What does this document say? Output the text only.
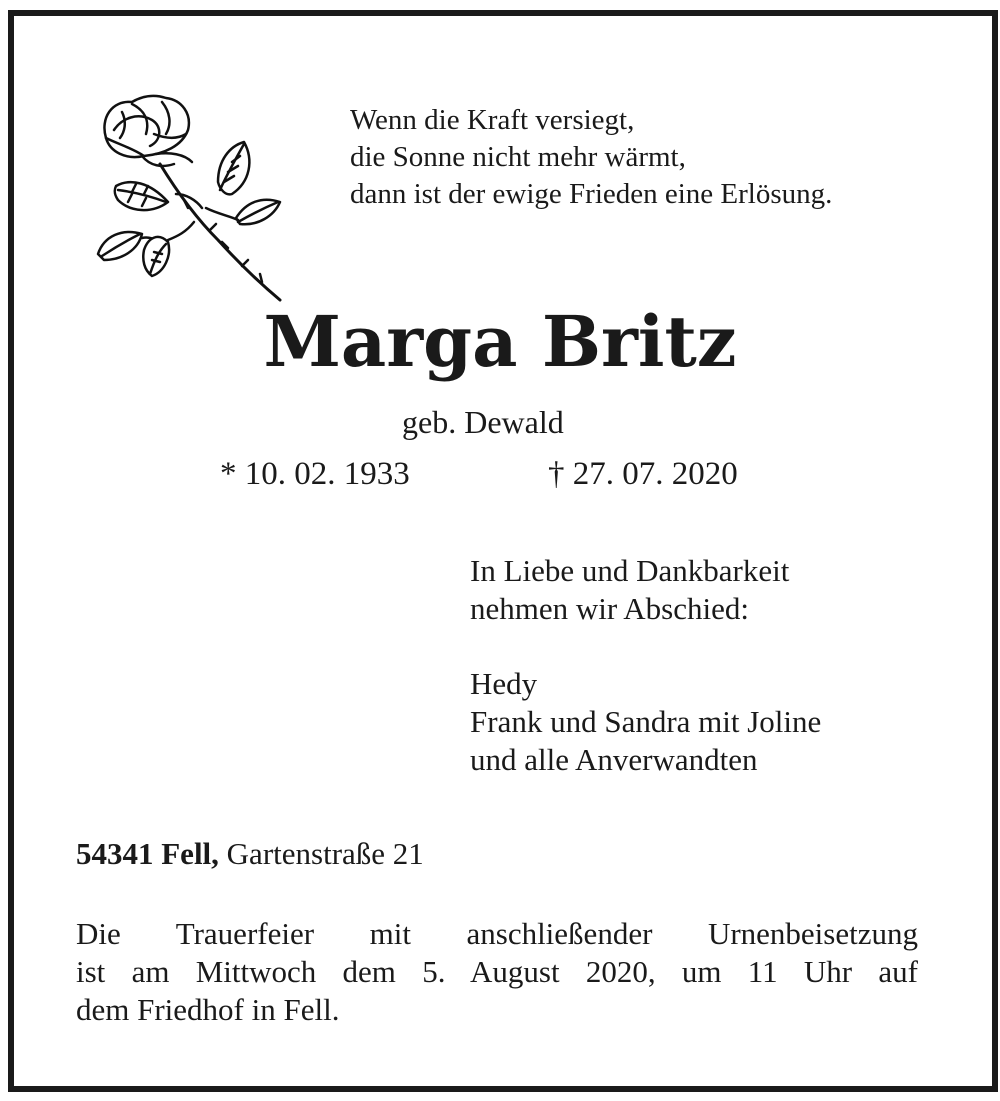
Wenn die Kraft versiegt,
die Sonne nicht mehr wärmt,
dann ist der ewige Frieden eine Erlösung.
Marga Britz
geb. Dewald
* 10. 02. 1933	† 27. 07. 2020
In Liebe und Dankbarkeit
nehmen wir Abschied:
Hedy
Frank und Sandra mit Joline
und alle Anverwandten
54341 Fell, Gartenstraße 21
Die Trauerfeier mit anschließender Urnenbeisetzung
ist am Mittwoch dem 5. August 2020, um 11 Uhr auf
dem Friedhof in Fell.
